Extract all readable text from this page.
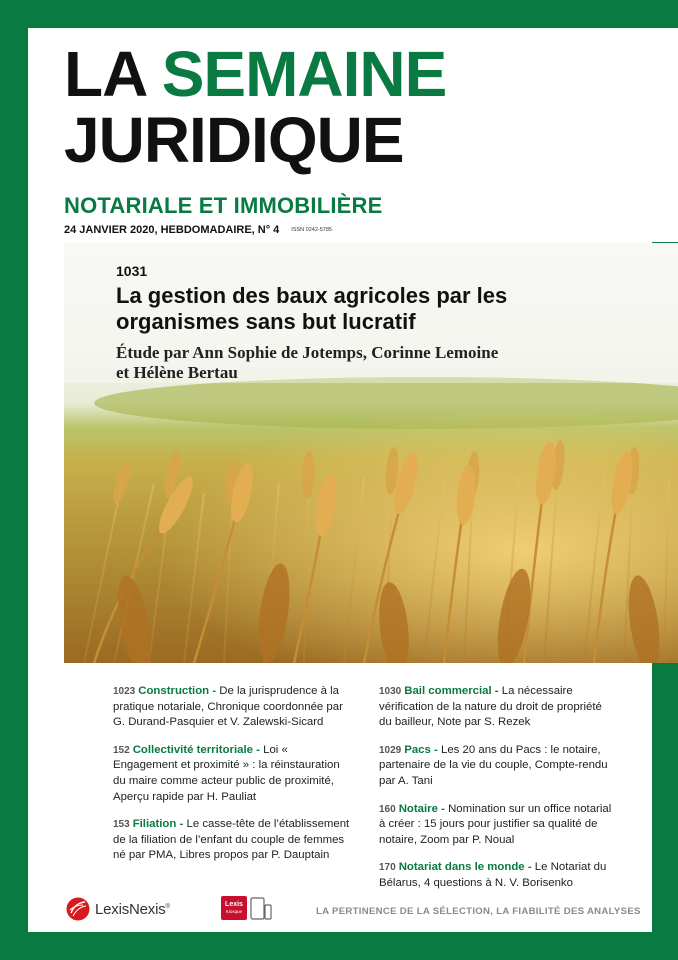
LA SEMAINE
JURIDIQUE
NOTARIALE ET IMMOBILIÈRE
24 JANVIER 2020, HEBDOMADAIRE, N° 4 ISSN 0242-5785
1031
La gestion des baux agricoles par les organismes sans but lucratif

Étude par Ann Sophie de Jotemps, Corinne Lemoine
et Hélène Bertau

1023 Construction - De la jurisprudence à la pratique notariale, Chronique coordonnée par G. Durand-Pasquier et V. Zalewski-Sicard
152 Collectivité territoriale - Loi « Engagement et proximité » : la réinstauration du maire comme acteur public de proximité, Aperçu rapide par H. Pauliat
153 Filiation - Le casse-tête de l’établissement de la filiation de l’enfant du couple de femmes né par PMA, Libres propos par P. Dauptain
1030 Bail commercial - La nécessaire vérification de la nature du droit de propriété du bailleur, Note par S. Rezek
1029 Pacs - Les 20 ans du Pacs : le notaire, partenaire de la vie du couple, Compte-rendu par A. Tani
160 Notaire - Nomination sur un office notarial à créer : 15 jours pour justifier sa qualité de notaire, Zoom par P. Noual
170 Notariat dans le monde - Le Notariat du Bélarus, 4 questions à N. V. Borisenko
LexisNexis®	Lexis
Kiosque	LA PERTINENCE DE LA SÉLECTION, LA FIABILITÉ DES ANALYSES
